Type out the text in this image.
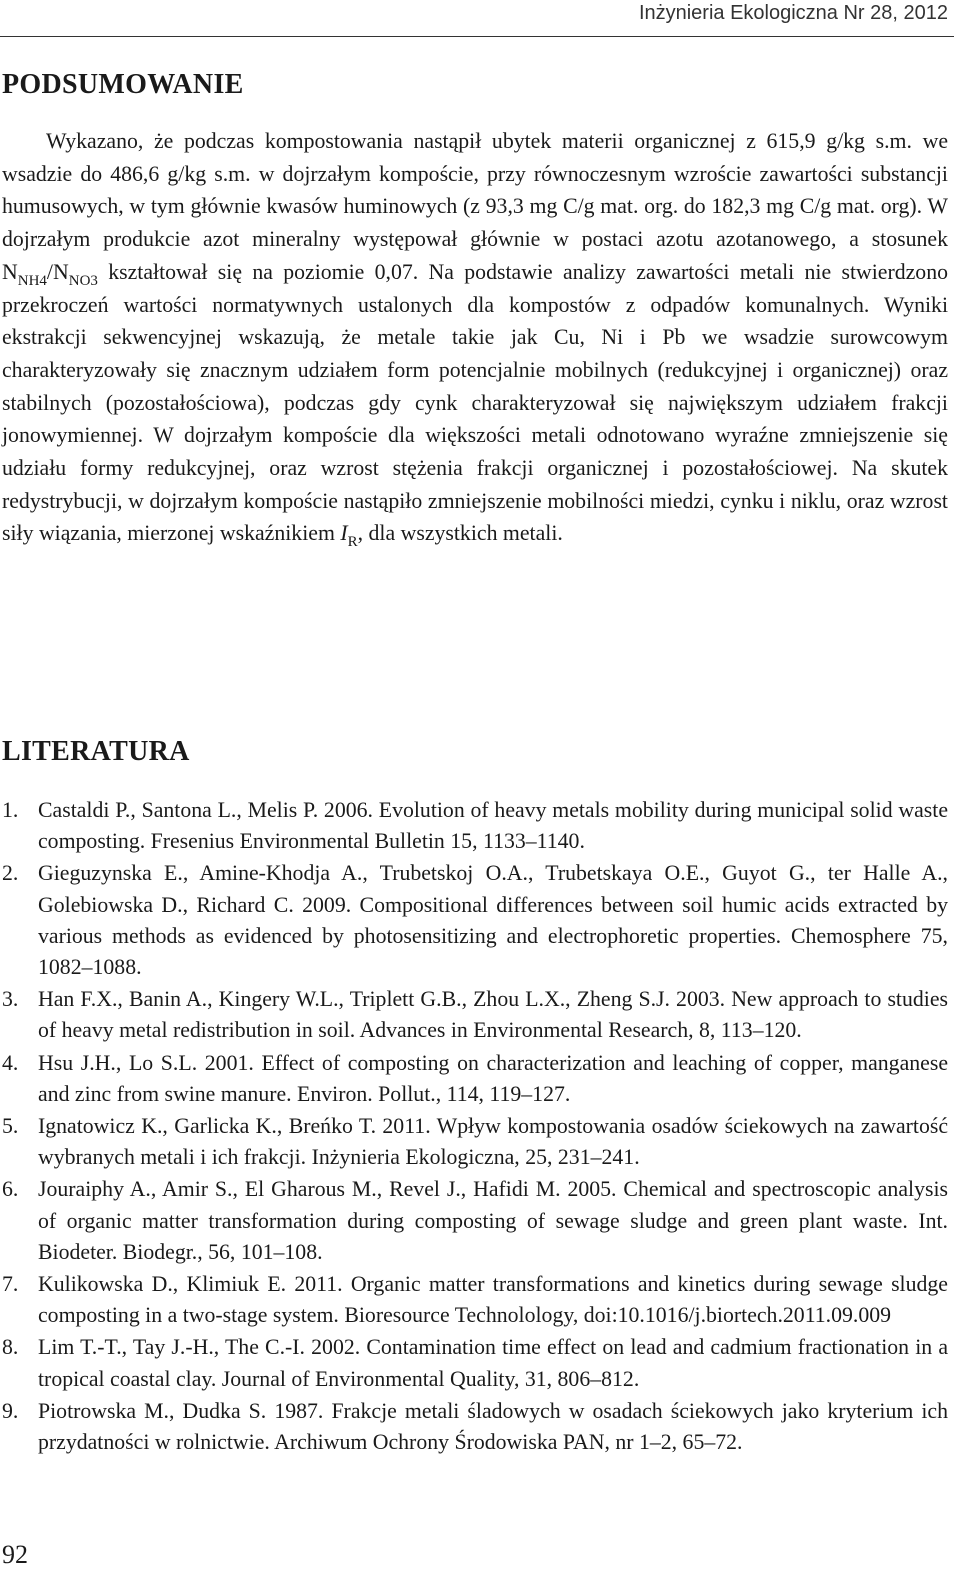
Inżynieria Ekologiczna Nr 28, 2012
PODSUMOWANIE

Wykazano, że podczas kompostowania nastąpił ubytek materii organicznej z 615,9 g/kg s.m. we wsadzie do 486,6 g/kg s.m. w dojrzałym kompoście, przy równoczesnym wzroście zawartości substancji humusowych, w tym głównie kwasów huminowych (z 93,3 mg C/g mat. org. do 182,3 mg C/g mat. org). W dojrzałym produkcie azot mineralny występował głównie w postaci azotu azotanowego, a stosunek $N_{NH4}/N_{NO3}$ kształtował się na poziomie 0,07. Na podstawie analizy zawartości metali nie stwierdzono przekroczeń wartości normatywnych ustalonych dla kompostów z odpadów komunalnych. Wyniki ekstrakcji sekwencyjnej wskazują, że metale takie jak Cu, Ni i Pb we wsadzie surowcowym charakteryzowały się znacznym udziałem form potencjalnie mobilnych (redukcyjnej i organicznej) oraz stabilnych (pozostałościowa), podczas gdy cynk charakteryzował się największym udziałem frakcji jonowymiennej. W dojrzałym kompoście dla większości metali odnotowano wyraźne zmniejszenie się udziału formy redukcyjnej, oraz wzrost stężenia frakcji organicznej i pozostałościowej. Na skutek redystrybucji, w dojrzałym kompoście nastąpiło zmniejszenie mobilności miedzi, cynku i niklu, oraz wzrost siły wiązania, mierzonej wskaźnikiem $I_R$, dla wszystkich metali.

LITERATURA
1. Castaldi P., Santona L., Melis P. 2006. Evolution of heavy metals mobility during municipal solid waste composting. Fresenius Environmental Bulletin 15, 1133–1140.
2. Gieguzynska E., Amine-Khodja A., Trubetskoj O.A., Trubetskaya O.E., Guyot G., ter Halle A., Golebiowska D., Richard C. 2009. Compositional differences between soil humic acids extracted by various methods as evidenced by photosensitizing and electrophoretic properties. Chemosphere 75, 1082–1088.
3. Han F.X., Banin A., Kingery W.L., Triplett G.B., Zhou L.X., Zheng S.J. 2003. New approach to studies of heavy metal redistribution in soil. Advances in Environmental Research, 8, 113–120.
4. Hsu J.H., Lo S.L. 2001. Effect of composting on characterization and leaching of copper, manganese and zinc from swine manure. Environ. Pollut., 114, 119–127.
5. Ignatowicz K., Garlicka K., Breńko T. 2011. Wpływ kompostowania osadów ściekowych na zawartość wybranych metali i ich frakcji. Inżynieria Ekologiczna, 25, 231–241.
6. Jouraiphy A., Amir S., El Gharous M., Revel J., Hafidi M. 2005. Chemical and spectroscopic analysis of organic matter transformation during composting of sewage sludge and green plant waste. Int. Biodeter. Biodegr., 56, 101–108.
7. Kulikowska D., Klimiuk E. 2011. Organic matter transformations and kinetics during sewage sludge composting in a two-stage system. Bioresource Technolology, doi:10.1016/j.biortech.2011.09.009
8. Lim T.-T., Tay J.-H., The C.-I. 2002. Contamination time effect on lead and cadmium fractionation in a tropical coastal clay. Journal of Environmental Quality, 31, 806–812.
9. Piotrowska M., Dudka S. 1987. Frakcje metali śladowych w osadach ściekowych jako kryterium ich przydatności w rolnictwie. Archiwum Ochrony Środowiska PAN, nr 1–2, 65–72.
92
